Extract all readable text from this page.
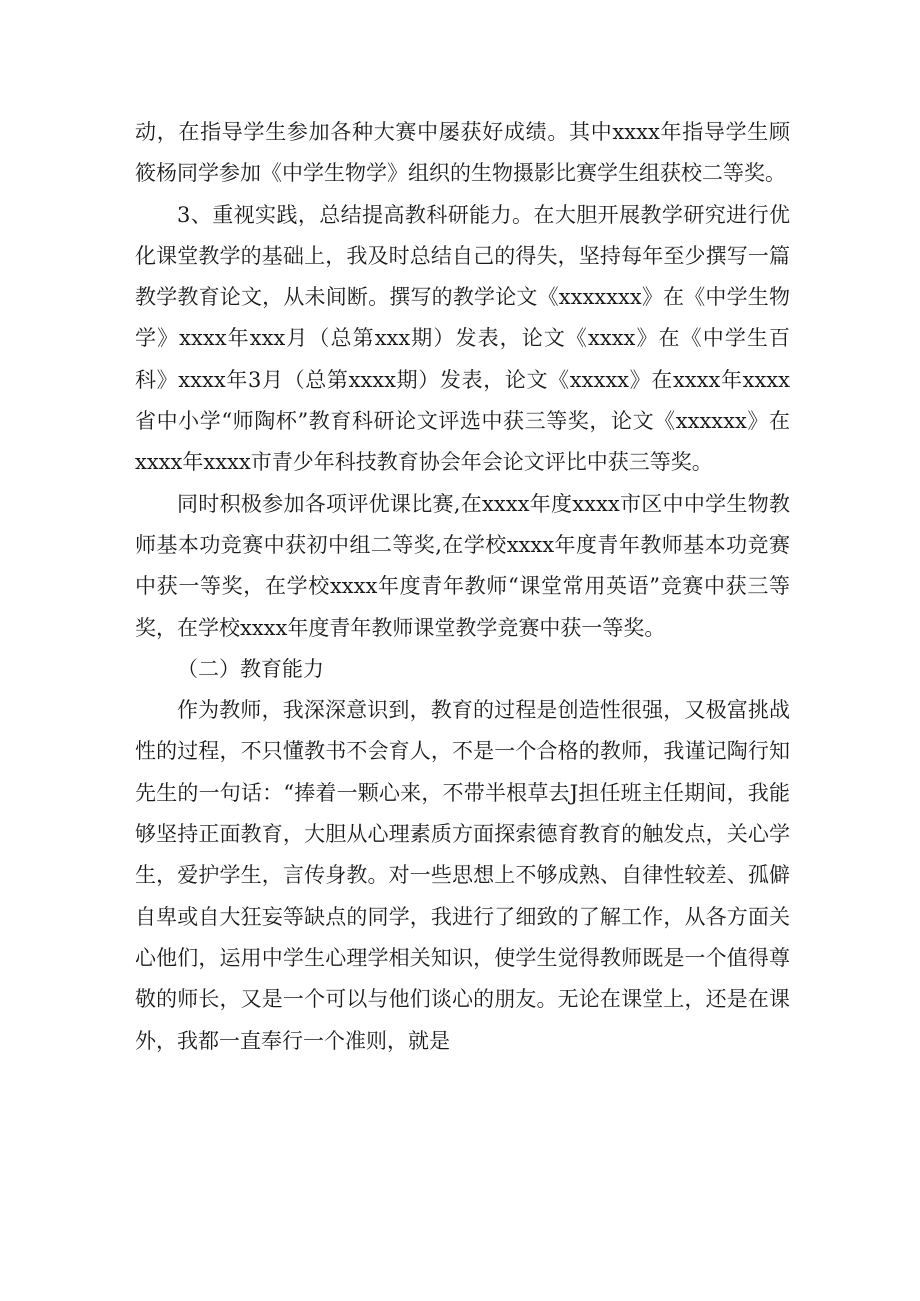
动，在指导学生参加各种大赛中屡获好成绩。其中xxxx年指导学生顾筱杨同学参加《中学生物学》组织的生物摄影比赛学生组获校二等奖。

3、重视实践，总结提高教科研能力。在大胆开展教学研究进行优化课堂教学的基础上，我及时总结自己的得失，坚持每年至少撰写一篇教学教育论文，从未间断。撰写的教学论文《xxxxxxx》在《中学生物学》xxxx年xxx月（总第xxx期）发表，论文《xxxx》在《中学生百科》xxxx年3月（总第xxxx期）发表，论文《xxxxx》在xxxx年xxxx省中小学“师陶杯”教育科研论文评选中获三等奖，论文《xxxxxx》在xxxx年xxxx市青少年科技教育协会年会论文评比中获三等奖。

同时积极参加各项评优课比赛,在xxxx年度xxxx市区中中学生物教师基本功竞赛中获初中组二等奖,在学校xxxx年度青年教师基本功竞赛中获一等奖，在学校xxxx年度青年教师“课堂常用英语”竞赛中获三等奖，在学校xxxx年度青年教师课堂教学竞赛中获一等奖。

（二）教育能力

作为教师，我深深意识到，教育的过程是创造性很强，又极富挑战性的过程，不只懂教书不会育人，不是一个合格的教师，我谨记陶行知先生的一句话：“捧着一颗心来，不带半根草去J担任班主任期间，我能够坚持正面教育，大胆从心理素质方面探索德育教育的触发点，关心学生，爱护学生，言传身教。对一些思想上不够成熟、自律性较差、孤僻自卑或自大狂妄等缺点的同学，我进行了细致的了解工作，从各方面关心他们，运用中学生心理学相关知识，使学生觉得教师既是一个值得尊敬的师长，又是一个可以与他们谈心的朋友。无论在课堂上，还是在课外，我都一直奉行一个准则，就是
